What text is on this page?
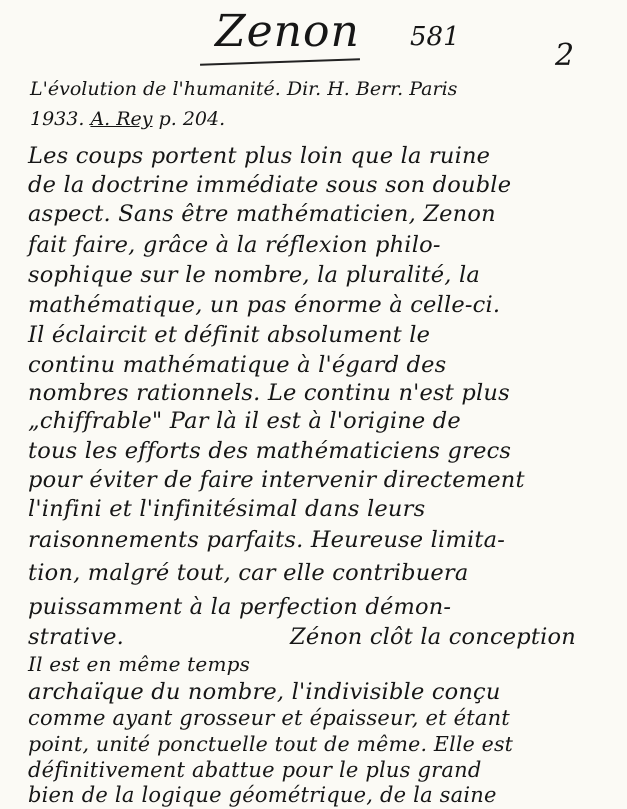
Zenon 581
2
L'évolution de l'humanité. Dir. H. Berr. Paris
1933. A. Rey p. 204.
Les coups portent plus loin que la ruine
de la doctrine immédiate sous son double
aspect. Sans être mathématicien, Zenon
fait faire, grâce à la réflexion philo-
sophique sur le nombre, la pluralité, la
mathématique, un pas énorme à celle-ci.
Il éclaircit et définit absolument le
continu mathématique à l'égard des
nombres rationnels. Le continu n'est plus
„chiffrable" Par là il est à l'origine de
tous les efforts des mathématiciens grecs
pour éviter de faire intervenir directement
l'infini et l'infinitésimal dans leurs
raisonnements parfaits. Heureuse limita-
tion, malgré tout, car elle contribuera
puissamment à la perfection démon-
strative.	Zénon clôt la conception
Il est en même temps
archaïque du nombre, l'indivisible conçu
comme ayant grosseur et épaisseur, et étant
point, unité ponctuelle tout de même. Elle est
définitivement abattue pour le plus grand
bien de la logique géométrique, de la saine
